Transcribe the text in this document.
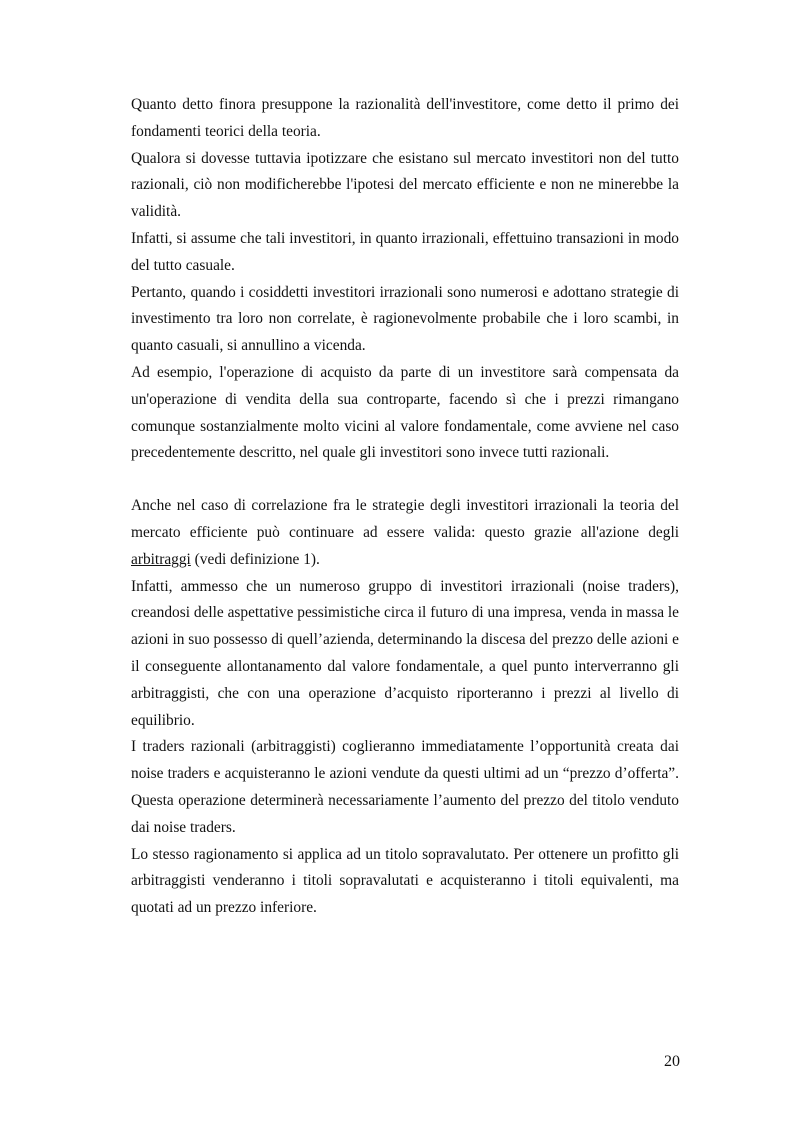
Quanto detto finora presuppone la razionalità dell'investitore, come detto il primo dei fondamenti teorici della teoria.

Qualora si dovesse tuttavia ipotizzare che esistano sul mercato investitori non del tutto razionali, ciò non modificherebbe l'ipotesi del mercato efficiente e non ne minerebbe la validità.

Infatti, si assume che tali investitori, in quanto irrazionali, effettuino transazioni in modo del tutto casuale.

Pertanto, quando i cosiddetti investitori irrazionali sono numerosi e adottano strategie di investimento tra loro non correlate, è ragionevolmente probabile che i loro scambi, in quanto casuali, si annullino a vicenda.

Ad esempio, l'operazione di acquisto da parte di un investitore sarà compensata da un'operazione di vendita della sua controparte, facendo sì che i prezzi rimangano comunque sostanzialmente molto vicini al valore fondamentale, come avviene nel caso precedentemente descritto, nel quale gli investitori sono invece tutti razionali.

Anche nel caso di correlazione fra le strategie degli investitori irrazionali la teoria del mercato efficiente può continuare ad essere valida: questo grazie all'azione degli arbitraggi (vedi definizione 1).

Infatti, ammesso che un numeroso gruppo di investitori irrazionali (noise traders), creandosi delle aspettative pessimistiche circa il futuro di una impresa, venda in massa le azioni in suo possesso di quell’azienda, determinando la discesa del prezzo delle azioni e il conseguente allontanamento dal valore fondamentale, a quel punto interverranno gli arbitraggisti, che con una operazione d’acquisto riporteranno i prezzi al livello di equilibrio.

I traders razionali (arbitraggisti) coglieranno immediatamente l’opportunità creata dai noise traders e acquisteranno le azioni vendute da questi ultimi ad un “prezzo d’offerta”. Questa operazione determinerà necessariamente l’aumento del prezzo del titolo venduto dai noise traders.

Lo stesso ragionamento si applica ad un titolo sopravalutato. Per ottenere un profitto gli arbitraggisti venderanno i titoli sopravalutati e acquisteranno i titoli equivalenti, ma quotati ad un prezzo inferiore.

20
